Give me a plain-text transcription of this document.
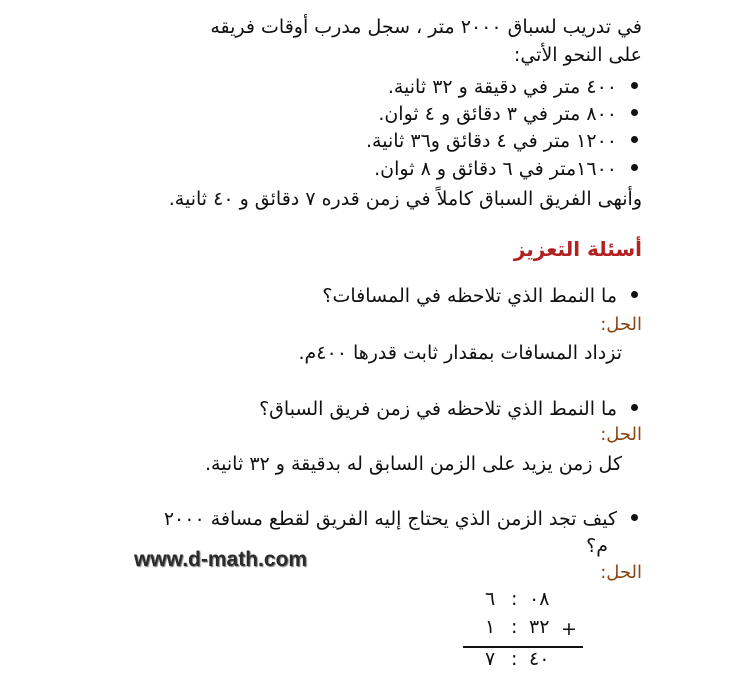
في تدريب لسباق ٢٠٠٠ متر ، سجل مدرب أوقات فريقه
على النحو الأتي:
٤٠٠ متر في دقيقة و ٣٢ ثانية.
٨٠٠ متر في ٣ دقائق و ٤ ثوان.
١٢٠٠ متر في ٤ دقائق و٣٦ ثانية.
١٦٠٠متر في ٦ دقائق و ٨ ثوان.
وأنهى الفريق السباق كاملاً في زمن قدره ٧ دقائق و ٤٠ ثانية.
أسئلة التعزيز
ما النمط الذي تلاحظه في المسافات؟
الحل:
تزداد المسافات بمقدار ثابت قدرها ٤٠٠م.
ما النمط الذي تلاحظه في زمن فريق السباق؟
الحل:
كل زمن يزيد على الزمن السابق له بدقيقة و ٣٢ ثانية.
كيف تجد الزمن الذي يحتاج إليه الفريق لقطع مسافة ٢٠٠٠
م؟
الحل:
www.d-math.com
٠٨
:
٦
+
٣٢
:
١
٤٠
:
٧
